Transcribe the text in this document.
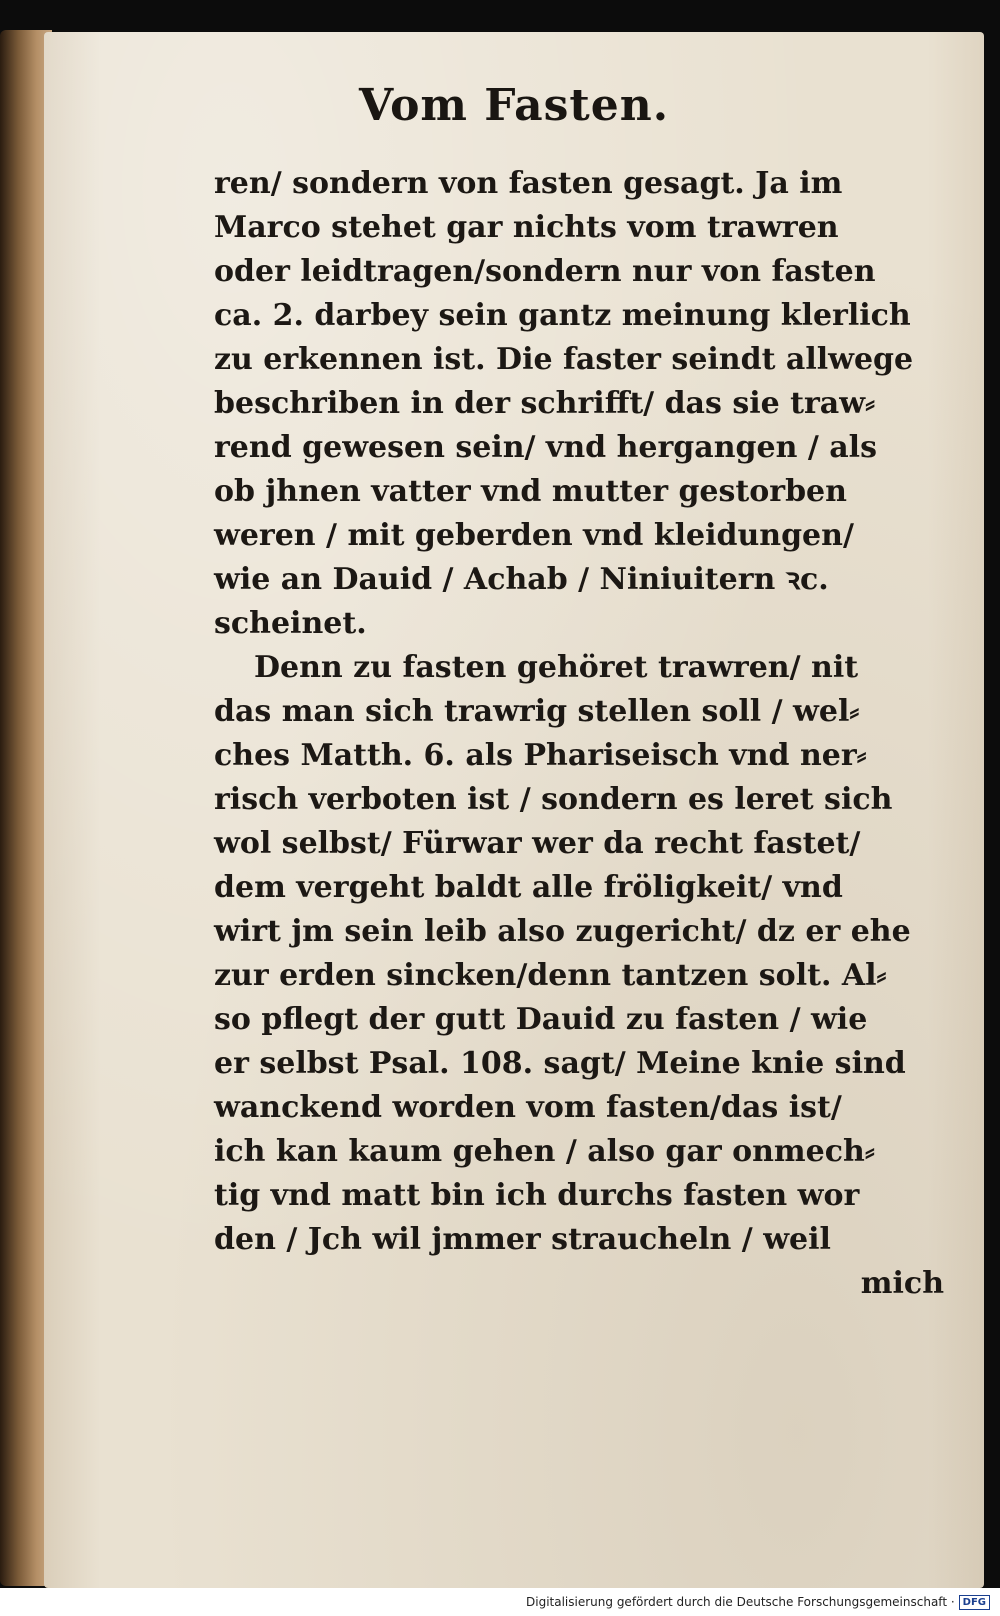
Vom Fasten.
ren/ sondern von fasten gesagt. Ja im
Marco stehet gar nichts vom trawren
oder leidtragen/sondern nur von fasten
ca. 2. darbey sein gantz meinung klerlich
zu erkennen ist. Die faster seindt allwege
beschriben in der schrifft/ das sie traw⸗
rend gewesen sein/ vnd hergangen / als
ob jhnen vatter vnd mutter gestorben
weren / mit geberden vnd kleidungen/
wie an Dauid / Achab / Niniuitern ꝛc.
scheinet.
Denn zu fasten gehöret trawren/ nit
das man sich trawrig stellen soll / wel⸗
ches Matth. 6. als Phariseisch vnd ner⸗
risch verboten ist / sondern es leret sich
wol selbst/ Fürwar wer da recht fastet/
dem vergeht baldt alle fröligkeit/ vnd
wirt jm sein leib also zugericht/ dz er ehe
zur erden sincken/denn tantzen solt. Al⸗
so pflegt der gutt Dauid zu fasten / wie
er selbst Psal. 108. sagt/ Meine knie sind
wanckend worden vom fasten/das ist/
ich kan kaum gehen / also gar onmech⸗
tig vnd matt bin ich durchs fasten wor
den / Jch wil jmmer straucheln / weil
mich
Digitalisierung gefördert durch die Deutsche Forschungsgemeinschaft · DFG
